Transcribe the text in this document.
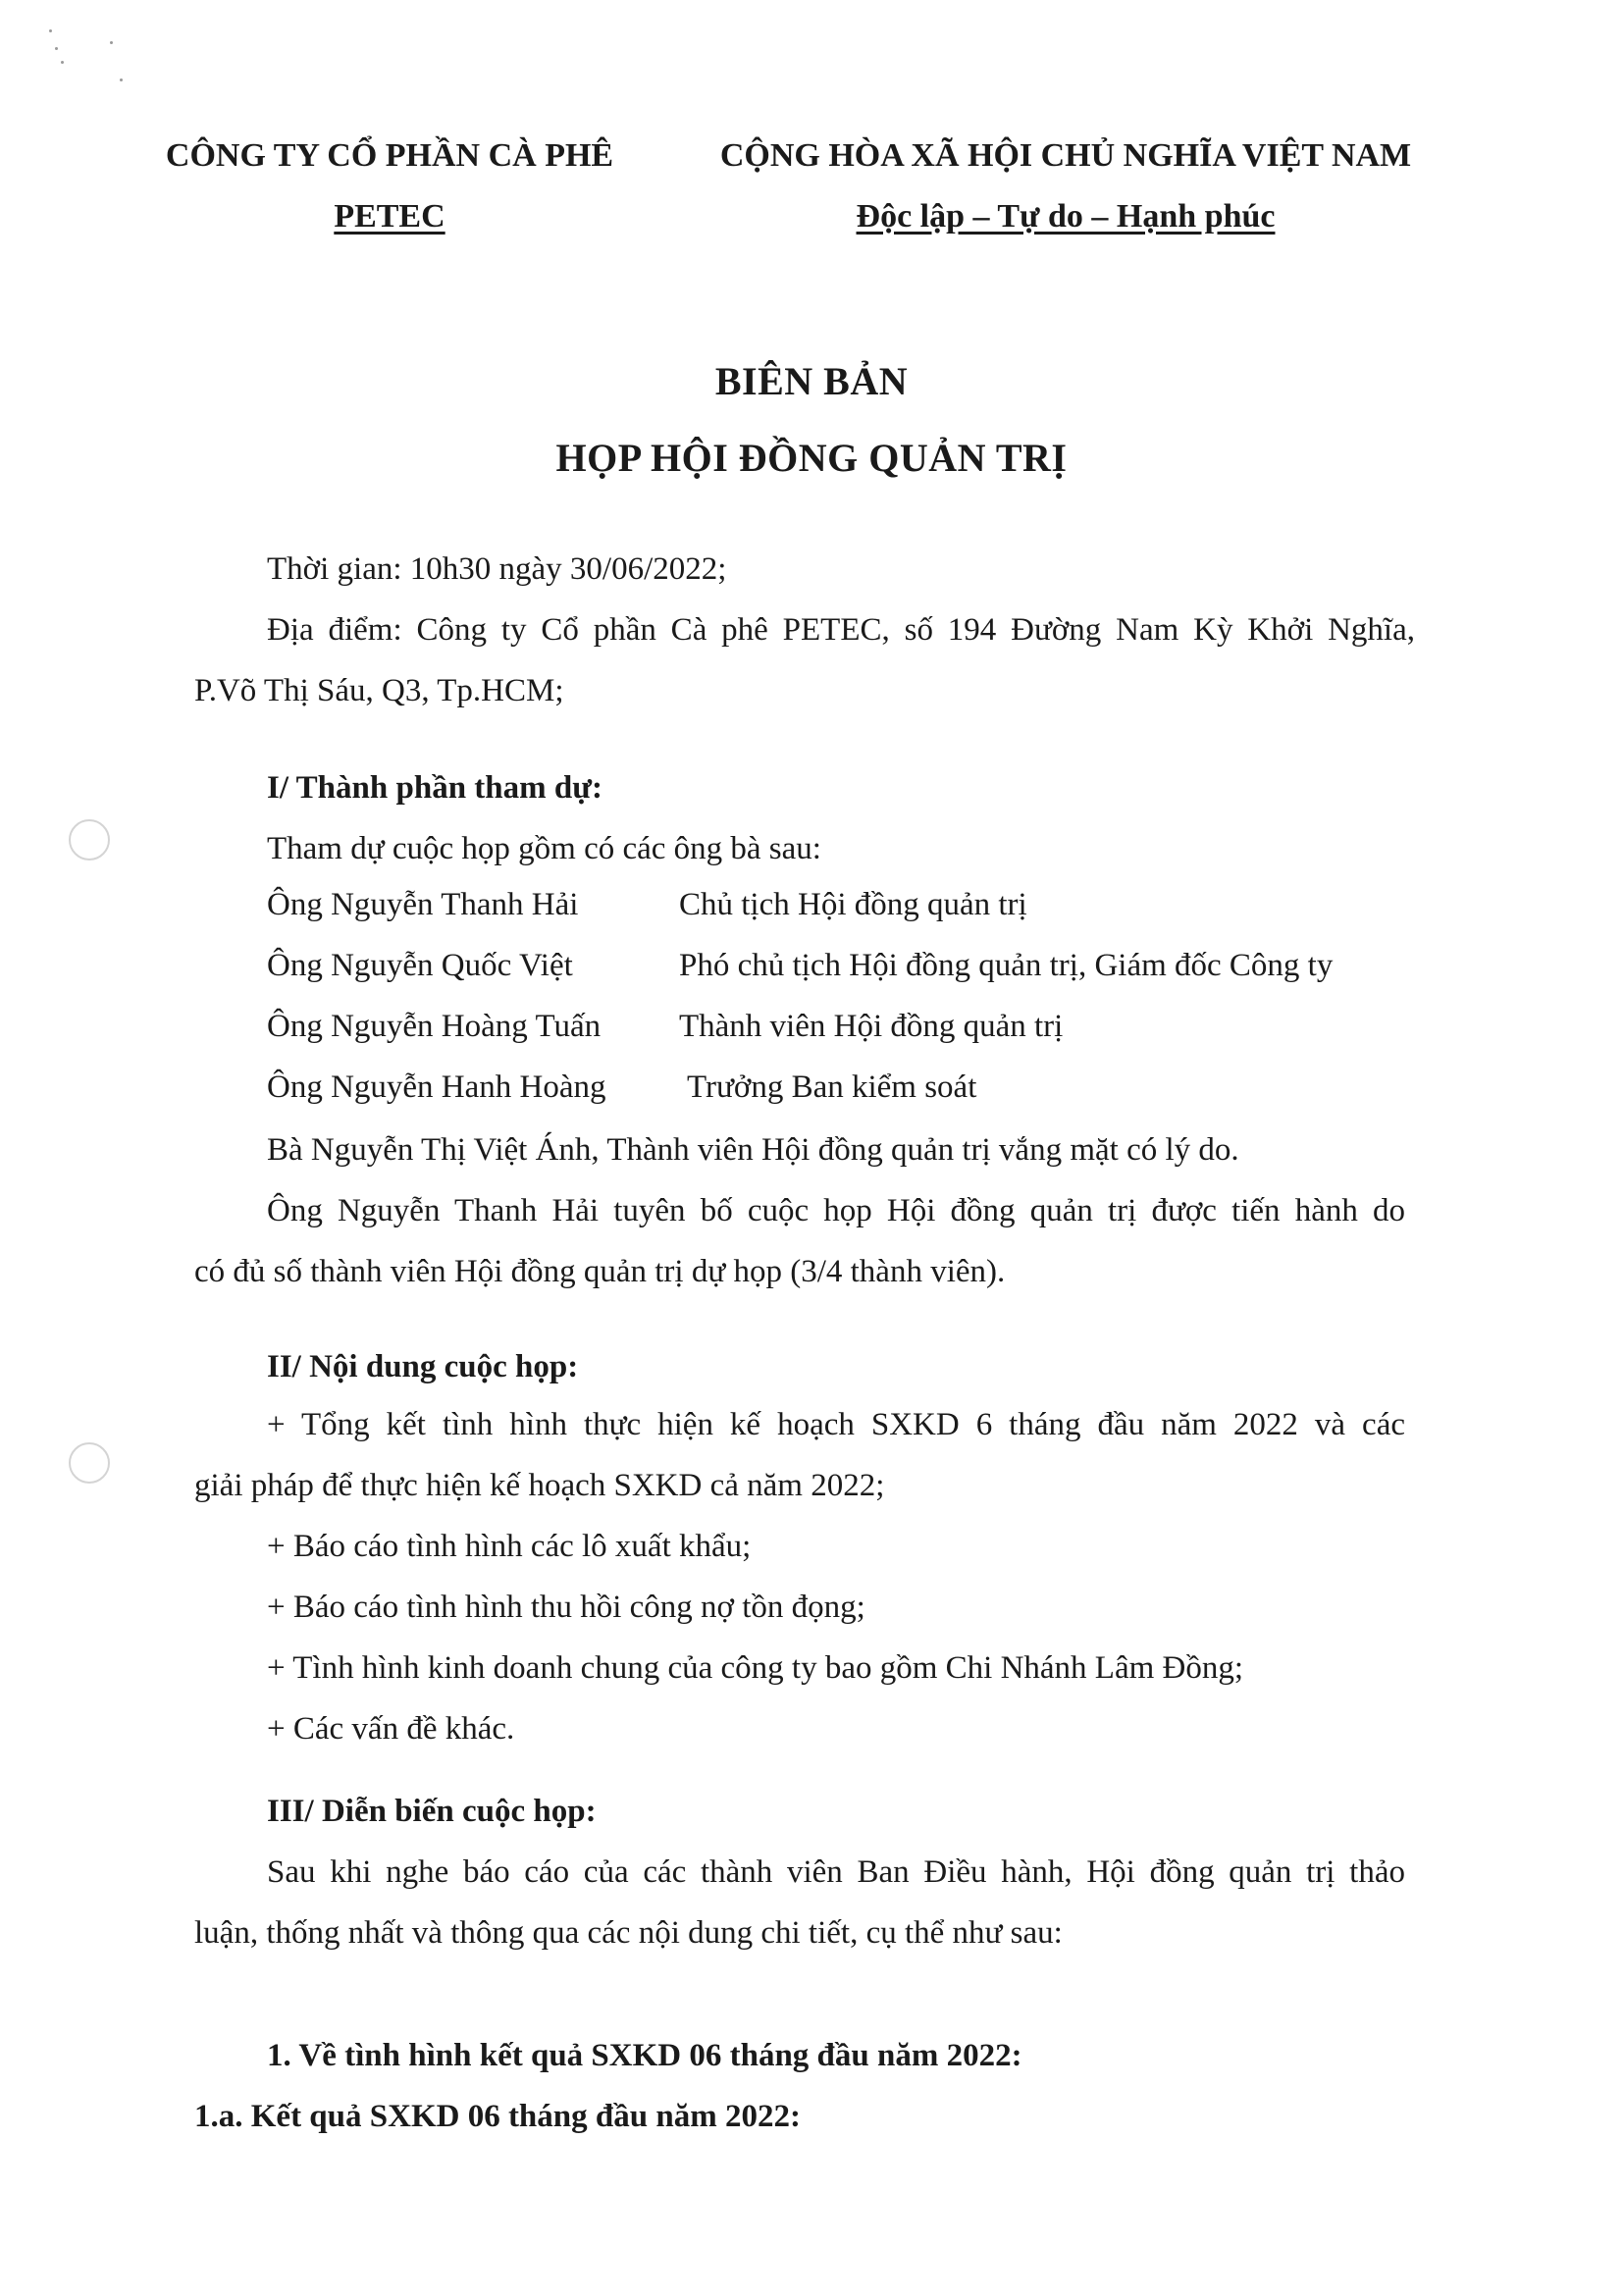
CÔNG TY CỔ PHẦN CÀ PHÊ
PETEC
CỘNG HÒA XÃ HỘI CHỦ NGHĨA VIỆT NAM
Độc lập – Tự do – Hạnh phúc
BIÊN BẢN
HỌP HỘI ĐỒNG QUẢN TRỊ
Thời gian: 10h30 ngày 30/06/2022;
Địa điểm: Công ty Cổ phần Cà phê PETEC, số 194 Đường Nam Kỳ Khởi Nghĩa,
P.Võ Thị Sáu, Q3, Tp.HCM;
I/ Thành phần tham dự:
Tham dự cuộc họp gồm có các ông bà sau:
Ông Nguyễn Thanh Hải	Chủ tịch Hội đồng quản trị
Ông Nguyễn Quốc Việt	Phó chủ tịch Hội đồng quản trị, Giám đốc Công ty
Ông Nguyễn Hoàng Tuấn Thành viên Hội đồng quản trị
Ông Nguyễn Hanh Hoàng Trưởng Ban kiểm soát
Bà Nguyễn Thị Việt Ánh, Thành viên Hội đồng quản trị vắng mặt có lý do.
Ông Nguyễn Thanh Hải tuyên bố cuộc họp Hội đồng quản trị được tiến hành do
có đủ số thành viên Hội đồng quản trị dự họp (3/4 thành viên).
II/ Nội dung cuộc họp:
+ Tổng kết tình hình thực hiện kế hoạch SXKD 6 tháng đầu năm 2022 và các
giải pháp để thực hiện kế hoạch SXKD cả năm 2022;
+ Báo cáo tình hình các lô xuất khẩu;
+ Báo cáo tình hình thu hồi công nợ tồn đọng;
+ Tình hình kinh doanh chung của công ty bao gồm Chi Nhánh Lâm Đồng;
+ Các vấn đề khác.
III/ Diễn biến cuộc họp:
Sau khi nghe báo cáo của các thành viên Ban Điều hành, Hội đồng quản trị thảo
luận, thống nhất và thông qua các nội dung chi tiết, cụ thể như sau:
1. Về tình hình kết quả SXKD 06 tháng đầu năm 2022:
1.a. Kết quả SXKD 06 tháng đầu năm 2022:
